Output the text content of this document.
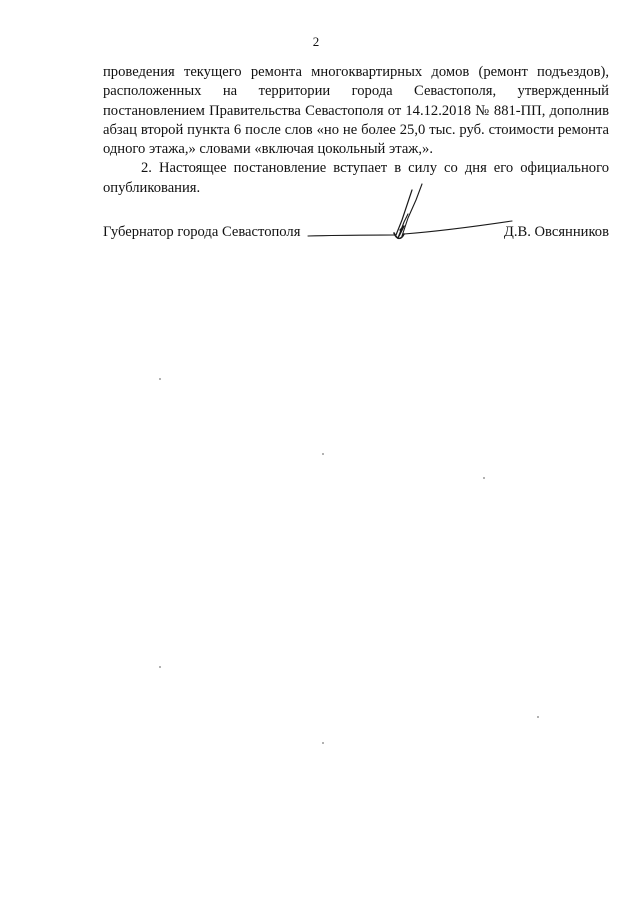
2

проведения текущего ремонта многоквартирных домов (ремонт подъездов), расположенных на территории города Севастополя, утвержденный постановлением Правительства Севастополя от 14.12.2018 № 881-ПП, дополнив абзац второй пункта 6 после слов «но не более 25,0 тыс. руб. стоимости ремонта одного этажа,» словами «включая цокольный этаж,».

2. Настоящее постановление вступает в силу со дня его официального опубликования.

Губернатор города Севастополя	Д.В. Овсянников
